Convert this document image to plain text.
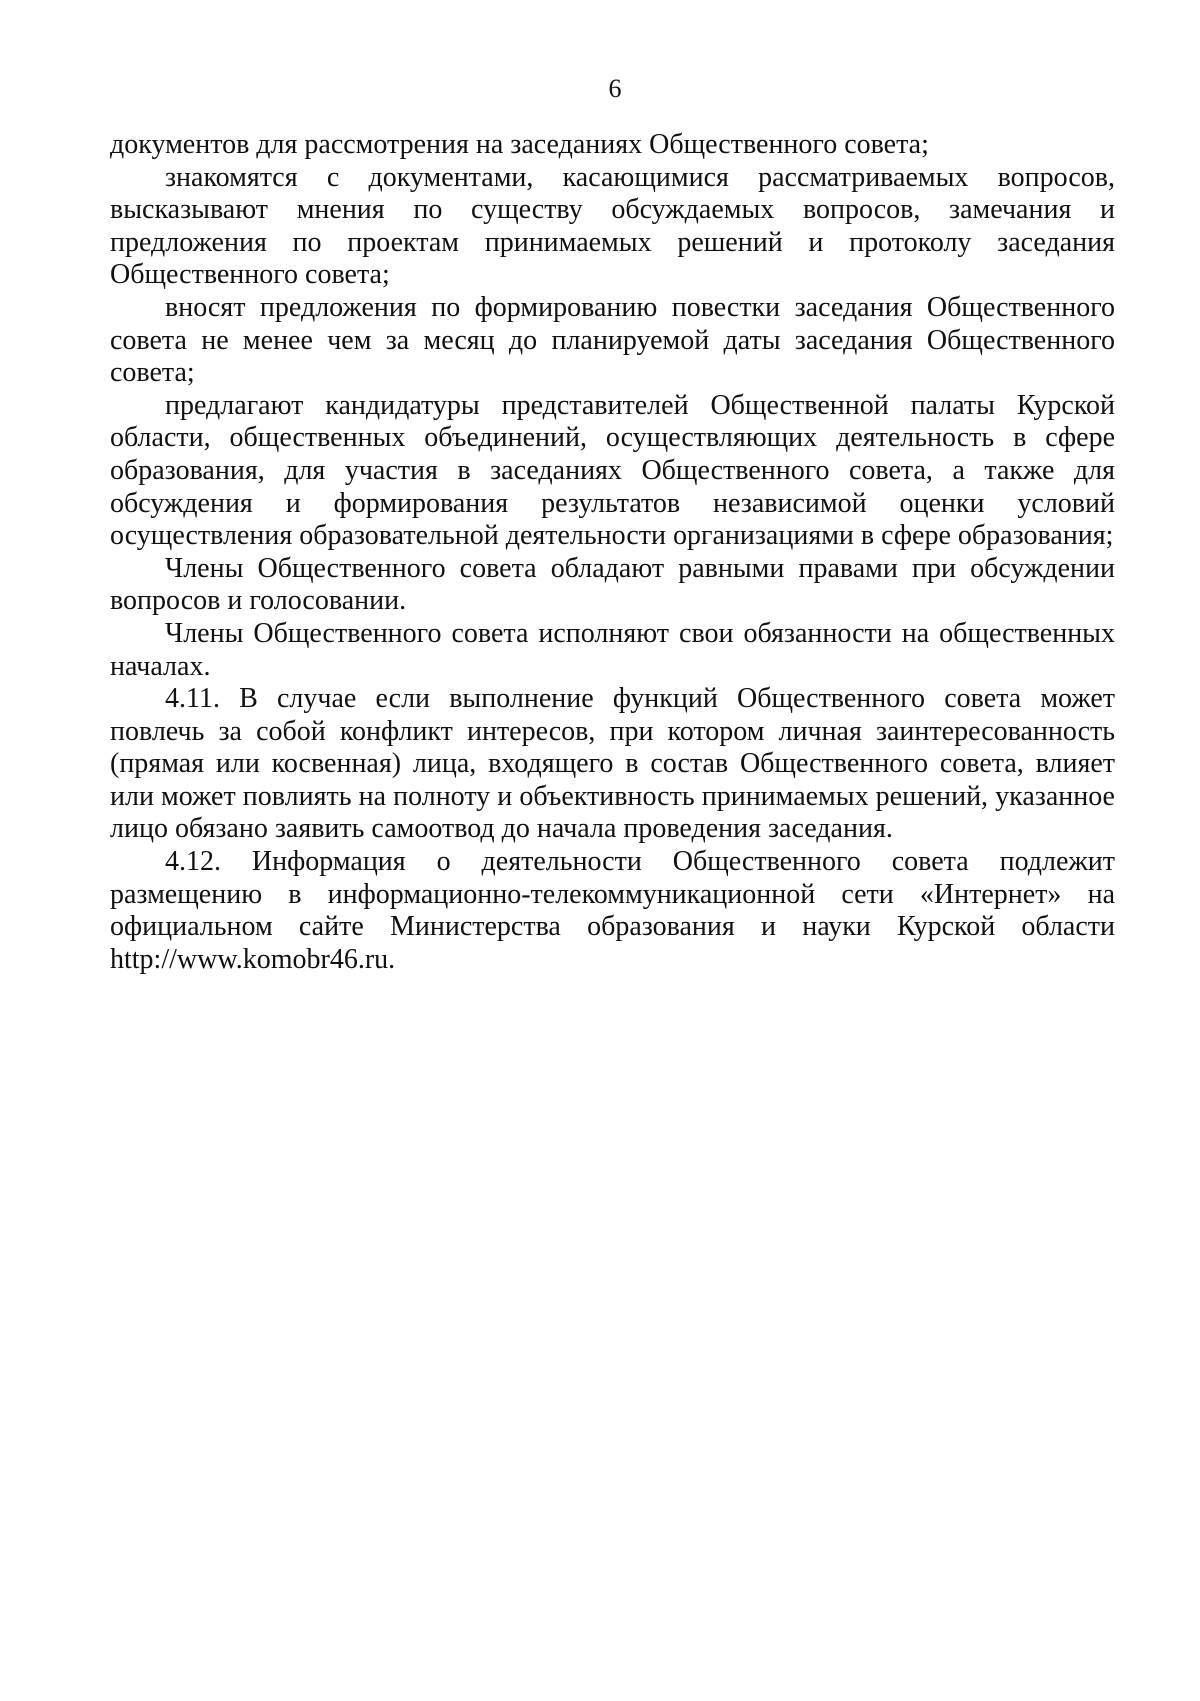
6

документов для рассмотрения на заседаниях Общественного совета;

знакомятся с документами, касающимися рассматриваемых вопросов, высказывают мнения по существу обсуждаемых вопросов, замечания и предложения по проектам принимаемых решений и протоколу заседания Общественного совета;

вносят предложения по формированию повестки заседания Общественного совета не менее чем за месяц до планируемой даты заседания Общественного совета;

предлагают кандидатуры представителей Общественной палаты Курской области, общественных объединений, осуществляющих деятельность в сфере образования, для участия в заседаниях Общественного совета, а также для обсуждения и формирования результатов независимой оценки условий осуществления образовательной деятельности организациями в сфере образования;

Члены Общественного совета обладают равными правами при обсуждении вопросов и голосовании.

Члены Общественного совета исполняют свои обязанности на общественных началах.

4.11. В случае если выполнение функций Общественного совета может повлечь за собой конфликт интересов, при котором личная заинтересованность (прямая или косвенная) лица, входящего в состав Общественного совета, влияет или может повлиять на полноту и объективность принимаемых решений, указанное лицо обязано заявить самоотвод до начала проведения заседания.

4.12. Информация о деятельности Общественного совета подлежит размещению в информационно-телекоммуникационной сети «Интернет» на официальном сайте Министерства образования и науки Курской области http://www.komobr46.ru.
